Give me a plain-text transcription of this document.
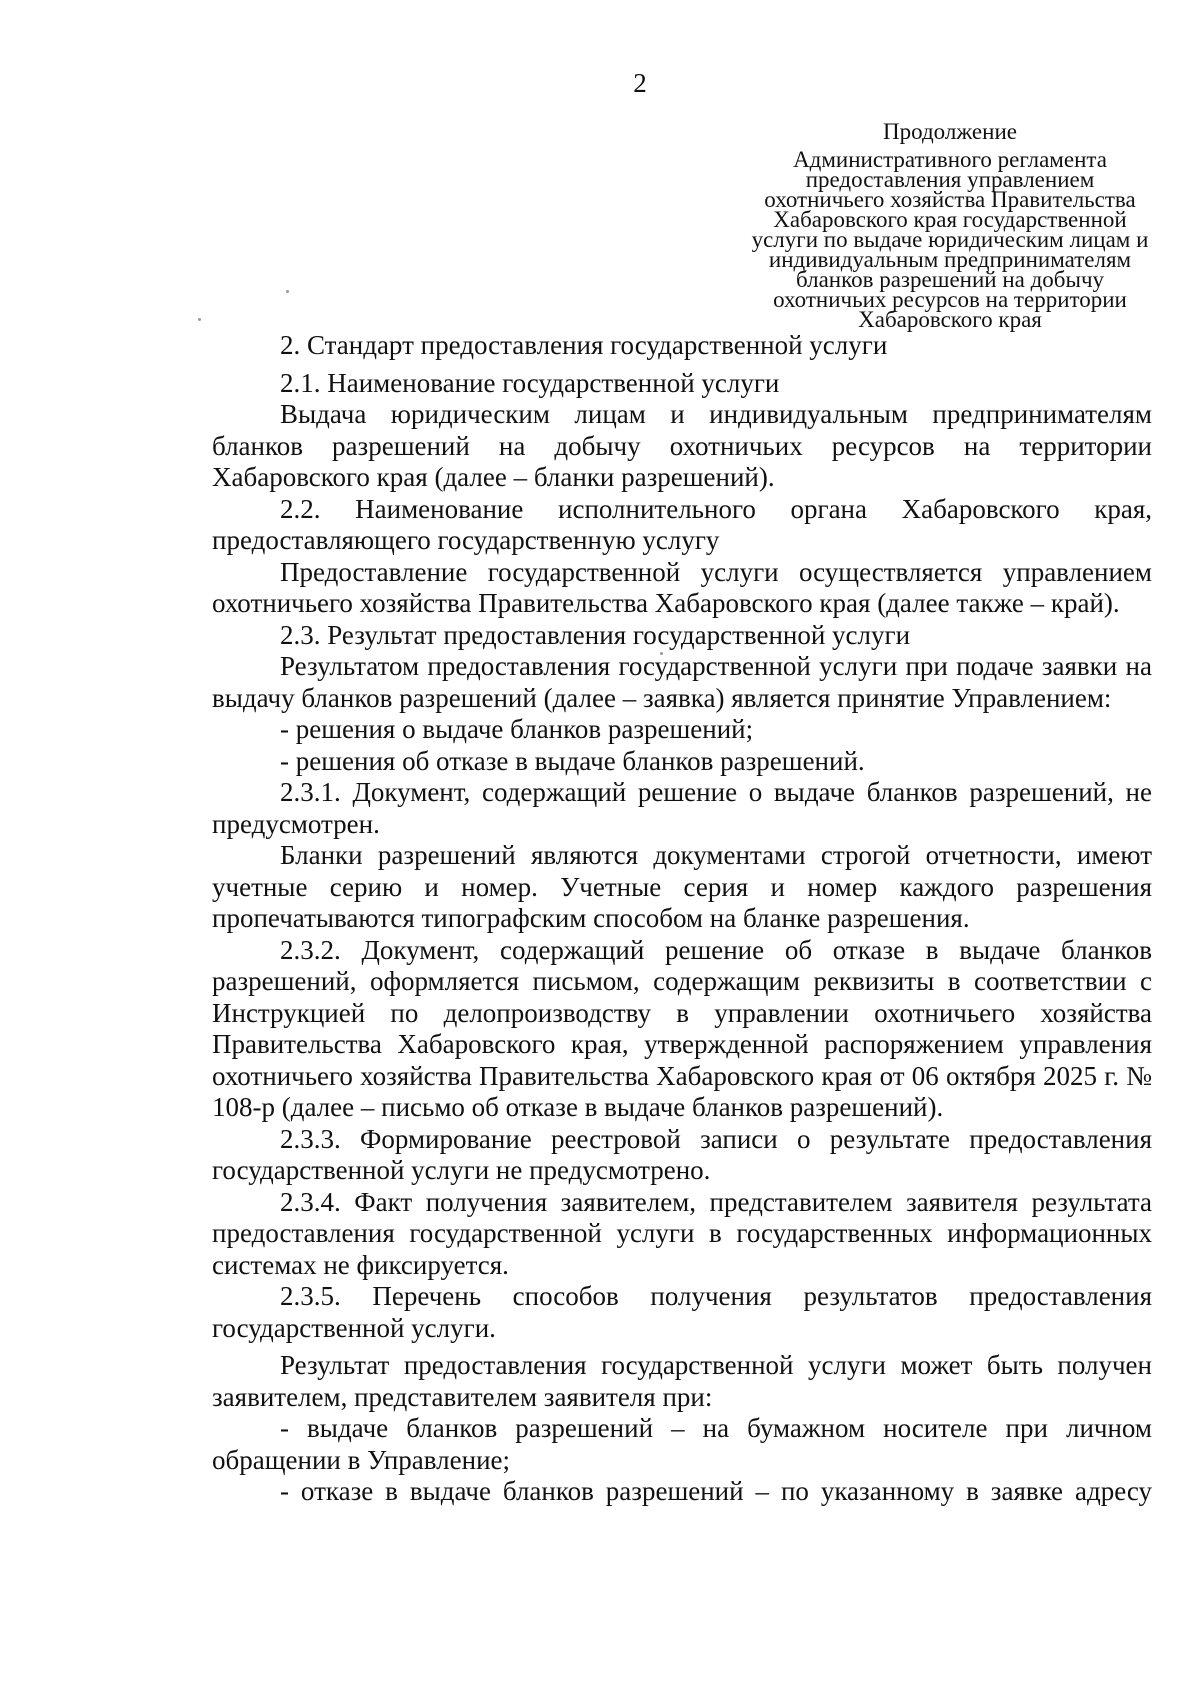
2
Продолжение
Административного регламента
предоставления управлением
охотничьего хозяйства Правительства
Хабаровского края государственной
услуги по выдаче юридическим лицам и
индивидуальным предпринимателям
бланков разрешений на добычу
охотничьих ресурсов на территории
Хабаровского края

2. Стандарт предоставления государственной услуги

2.1. Наименование государственной услуги

Выдача юридическим лицам и индивидуальным предпринимателям бланков разрешений на добычу охотничьих ресурсов на территории Хабаровского края (далее – бланки разрешений).

2.2. Наименование исполнительного органа Хабаровского края, предоставляющего государственную услугу

Предоставление государственной услуги осуществляется управлением охотничьего хозяйства Правительства Хабаровского края (далее также – край).

2.3. Результат предоставления государственной услуги

Результатом предоставления государственной услуги при подаче заявки на выдачу бланков разрешений (далее – заявка) является принятие Управлением:

- решения о выдаче бланков разрешений;

- решения об отказе в выдаче бланков разрешений.

2.3.1. Документ, содержащий решение о выдаче бланков разрешений, не предусмотрен.

Бланки разрешений являются документами строгой отчетности, имеют учетные серию и номер. Учетные серия и номер каждого разрешения пропечатываются типографским способом на бланке разрешения.

2.3.2. Документ, содержащий решение об отказе в выдаче бланков разрешений, оформляется письмом, содержащим реквизиты в соответствии с Инструкцией по делопроизводству в управлении охотничьего хозяйства Правительства Хабаровского края, утвержденной распоряжением управления охотничьего хозяйства Правительства Хабаровского края от 06 октября 2025 г. № 108-р (далее – письмо об отказе в выдаче бланков разрешений).

2.3.3. Формирование реестровой записи о результате предоставления государственной услуги не предусмотрено.

2.3.4. Факт получения заявителем, представителем заявителя результата предоставления государственной услуги в государственных информационных системах не фиксируется.

2.3.5. Перечень способов получения результатов предоставления государственной услуги.

Результат предоставления государственной услуги может быть получен заявителем, представителем заявителя при:

- выдаче бланков разрешений – на бумажном носителе при личном обращении в Управление;

- отказе в выдаче бланков разрешений – по указанному в заявке адресу
